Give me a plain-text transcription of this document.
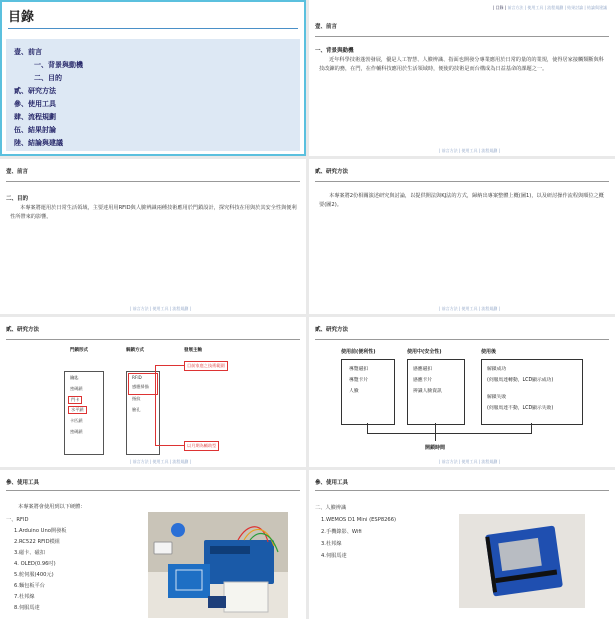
目錄
壹、前言
一、背景與動機
二、目的
貳、研究方法
參、使用工具
肆、流程規劃
伍、結果討論
陸、結論與建議
| 目錄 | 前言方法 | 使用工具 | 流程規劃 | 結果討論 | 結論與建議
壹、前言
一、背景與動機
近年科學技術蓬勃發展，優是人工智慧、人臉辨識、指面也開發分專業應用於日常的量的的業規，使得居家接觸類斷與科技改鍊的務，在門，在作輔科技應用於生活領域時，便使的技術是而台構成為日益基命的課題之一。
| 前言方法 | 使用工具 | 流程規劃 |
壹、前言
二、目的
本專案將運用於日常生活領域，主要達用用RFID與人臉辨識兩種技術應用於門鎖設計，探究科技在用與於其安全性與便利性所帶來的影響。
| 前言方法 | 使用工具 | 流程規劃 |
貳、研究方法
本專案將2份相關演述研究與討論，以提供開法與KJ法的方式，歸納出專案整體上概(圖1)，以及研討操作流程與順位之概要(圖2)。
| 前言方法 | 使用工具 | 流程規劃 |
貳、研究方法
門鎖形式	解鎖方式	發展主軸
鑰匙
密碼鎖
門卡
水平鎖
卡匹鎖
密碼鎖
RFID
感應掃描
指紋
臉孔
目前家庭之技術範圍
以月期為輔助型
| 前言方法 | 使用工具 | 流程規劃 |
貳、研究方法
使用前(便利性)	使用中(安全性)	使用後
導覽磁扣
導覽卡片
人臉
感應磁扣
感應卡片
辨識人臉資訊
解鎖成功
(伺服馬達轉動，LCD顯示成功)
解鎖失敗
(伺服馬達不動，LCD顯示失敗)
開鎖時間
| 前言方法 | 使用工具 | 流程規劃 |
參、使用工具
本專案將會使用到以下硬體：
一、RFID
1.Arduino Uno開發板
2.RC522 RFID模組
3.磁卡、磁扣
4. OLED(0.96吋)
5.舵伺服(400元)
6.麵包板平台
7.杜邦線
8.伺服馬達
參、使用工具
二、人臉辨識
1.WEMOS D1 Mini (ESP8266)
2.手機錄影、Wifi
3.杜邦線
4.伺服馬達
